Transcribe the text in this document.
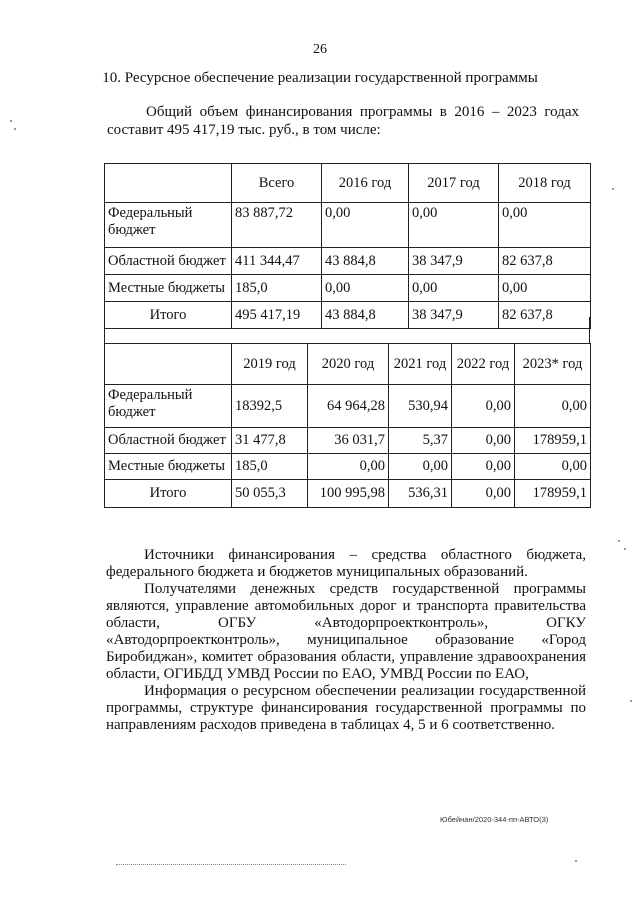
26
10. Ресурсное обеспечение реализации государственной программы
Общий объем финансирования программы в 2016 – 2023 годах составит 495 417,19 тыс. руб., в том числе:
	Всего	2016 год	2017 год	2018 год
Федеральный бюджет	83 887,72	0,00	0,00	0,00
Областной бюджет	411 344,47	43 884,8	38 347,9	82 637,8
Местные бюджеты	185,0	0,00	0,00	0,00
Итого	495 417,19	43 884,8	38 347,9	82 637,8
	2019 год	2020 год	2021 год	2022 год	2023* год
Федеральный бюджет	18392,5	64 964,28	530,94	0,00	0,00
Областной бюджет	31 477,8	36 031,7	5,37	0,00	178959,1
Местные бюджеты	185,0	0,00	0,00	0,00	0,00
Итого	50 055,3	100 995,98	536,31	0,00	178959,1

Источники финансирования – средства областного бюджета, федерального бюджета и бюджетов муниципальных образований.

Получателями денежных средств государственной программы являются, управление автомобильных дорог и транспорта правительства области, ОГБУ «Автодорпроектконтроль», ОГКУ «Автодорпроектконтроль», муниципальное образование «Город Биробиджан», комитет образования области, управление здравоохранения области, ОГИБДД УМВД России по ЕАО, УМВД России по ЕАО,

Информация о ресурсном обеспечении реализации государственной программы, структуре финансирования государственной программы по направлениям расходов приведена в таблицах 4, 5 и 6 соответственно.

Юбейнан/2020-344-пп-АВТО(3)
